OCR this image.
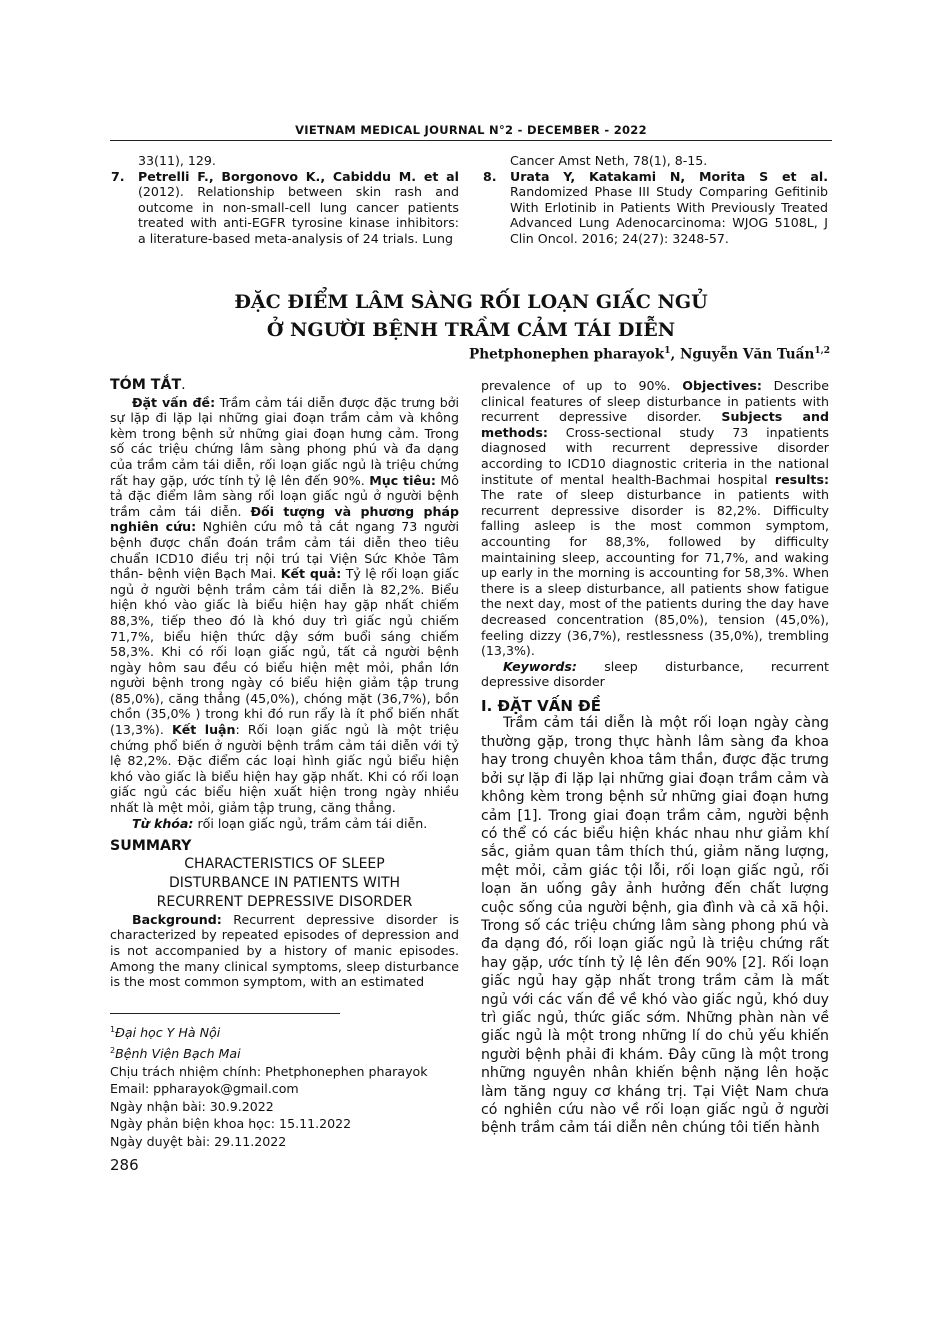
VIETNAM MEDICAL JOURNAL N°2 - DECEMBER - 2022
33(11), 129.
7. Petrelli F., Borgonovo K., Cabiddu M. et al (2012). Relationship between skin rash and outcome in non-small-cell lung cancer patients treated with anti-EGFR tyrosine kinase inhibitors: a literature-based meta-analysis of 24 trials. Lung
Cancer Amst Neth, 78(1), 8-15.
8. Urata Y, Katakami N, Morita S et al. Randomized Phase III Study Comparing Gefitinib With Erlotinib in Patients With Previously Treated Advanced Lung Adenocarcinoma: WJOG 5108L, J Clin Oncol. 2016; 24(27): 3248-57.
ĐẶC ĐIỂM LÂM SÀNG RỐI LOẠN GIẤC NGỦ
Ở NGƯỜI BỆNH TRẦM CẢM TÁI DIỄN
Phetphonephen pharayok$^1$, Nguyễn Văn Tuấn$^{1,2}$
TÓM TẮT.

Đặt vấn đề: Trầm cảm tái diễn được đặc trưng bởi sự lặp đi lặp lại những giai đoạn trầm cảm và không kèm trong bệnh sử những giai đoạn hưng cảm. Trong số các triệu chứng lâm sàng phong phú và đa dạng của trầm cảm tái diễn, rối loạn giấc ngủ là triệu chứng rất hay gặp, ước tính tỷ lệ lên đến 90%. Mục tiêu: Mô tả đặc điểm lâm sàng rối loạn giấc ngủ ở người bệnh trầm cảm tái diễn. Đối tượng và phương pháp nghiên cứu: Nghiên cứu mô tả cắt ngang 73 người bệnh được chẩn đoán trầm cảm tái diễn theo tiêu chuẩn ICD10 điều trị nội trú tại Viện Sức Khỏe Tâm thần- bệnh viện Bạch Mai. Kết quả: Tỷ lệ rối loạn giấc ngủ ở người bệnh trầm cảm tái diễn là 82,2%. Biểu hiện khó vào giấc là biểu hiện hay gặp nhất chiếm 88,3%, tiếp theo đó là khó duy trì giấc ngủ chiếm 71,7%, biểu hiện thức dậy sớm buổi sáng chiếm 58,3%. Khi có rối loạn giấc ngủ, tất cả người bệnh ngày hôm sau đều có biểu hiện mệt mỏi, phần lớn người bệnh trong ngày có biểu hiện giảm tập trung (85,0%), căng thẳng (45,0%), chóng mặt (36,7%), bồn chồn (35,0% ) trong khi đó run rẩy là ít phổ biến nhất (13,3%). Kết luận: Rối loạn giấc ngủ là một triệu chứng phổ biến ở người bệnh trầm cảm tái diễn với tỷ lệ 82,2%. Đặc điểm các loại hình giấc ngủ biểu hiện khó vào giấc là biểu hiện hay gặp nhất. Khi có rối loạn giấc ngủ các biểu hiện xuất hiện trong ngày nhiều nhất là mệt mỏi, giảm tập trung, căng thẳng.

Từ khóa: rối loạn giấc ngủ, trầm cảm tái diễn.

SUMMARY
CHARACTERISTICS OF SLEEP
DISTURBANCE IN PATIENTS WITH
RECURRENT DEPRESSIVE DISORDER

Background: Recurrent depressive disorder is characterized by repeated episodes of depression and is not accompanied by a history of manic episodes. Among the many clinical symptoms, sleep disturbance is the most common symptom, with an estimated

prevalence of up to 90%. Objectives: Describe clinical features of sleep disturbance in patients with recurrent depressive disorder. Subjects and methods: Cross-sectional study 73 inpatients diagnosed with recurrent depressive disorder according to ICD10 diagnostic criteria in the national institute of mental health-Bachmai hospital results: The rate of sleep disturbance in patients with recurrent depressive disorder is 82,2%. Difficulty falling asleep is the most common symptom, accounting for 88,3%, followed by difficulty maintaining sleep, accounting for 71,7%, and waking up early in the morning is accounting for 58,3%. When there is a sleep disturbance, all patients show fatigue the next day, most of the patients during the day have decreased concentration (85,0%), tension (45,0%), feeling dizzy (36,7%), restlessness (35,0%), trembling (13,3%).

Keywords: sleep disturbance, recurrent depressive disorder

I. ĐẶT VẤN ĐỀ

Trầm cảm tái diễn là một rối loạn ngày càng thường gặp, trong thực hành lâm sàng đa khoa hay trong chuyên khoa tâm thần, được đặc trưng bởi sự lặp đi lặp lại những giai đoạn trầm cảm và không kèm trong bệnh sử những giai đoạn hưng cảm [1]. Trong giai đoạn trầm cảm, người bệnh có thể có các biểu hiện khác nhau như giảm khí sắc, giảm quan tâm thích thú, giảm năng lượng, mệt mỏi, cảm giác tội lỗi, rối loạn giấc ngủ, rối loạn ăn uống gây ảnh hưởng đến chất lượng cuộc sống của người bệnh, gia đình và cả xã hội. Trong số các triệu chứng lâm sàng phong phú và đa dạng đó, rối loạn giấc ngủ là triệu chứng rất hay gặp, ước tính tỷ lệ lên đến 90% [2]. Rối loạn giấc ngủ hay gặp nhất trong trầm cảm là mất ngủ với các vấn đề về khó vào giấc ngủ, khó duy trì giấc ngủ, thức giấc sớm. Những phàn nàn về giấc ngủ là một trong những lí do chủ yếu khiến người bệnh phải đi khám. Đây cũng là một trong những nguyên nhân khiến bệnh nặng lên hoặc làm tăng nguy cơ kháng trị. Tại Việt Nam chưa có nghiên cứu nào về rối loạn giấc ngủ ở người bệnh trầm cảm tái diễn nên chúng tôi tiến hành

$^1$Đại học Y Hà Nội
$^2$Bệnh Viện Bạch Mai
Chịu trách nhiệm chính: Phetphonephen pharayok
Email: ppharayok@gmail.com
Ngày nhận bài: 30.9.2022
Ngày phản biện khoa học: 15.11.2022
Ngày duyệt bài: 29.11.2022
286
